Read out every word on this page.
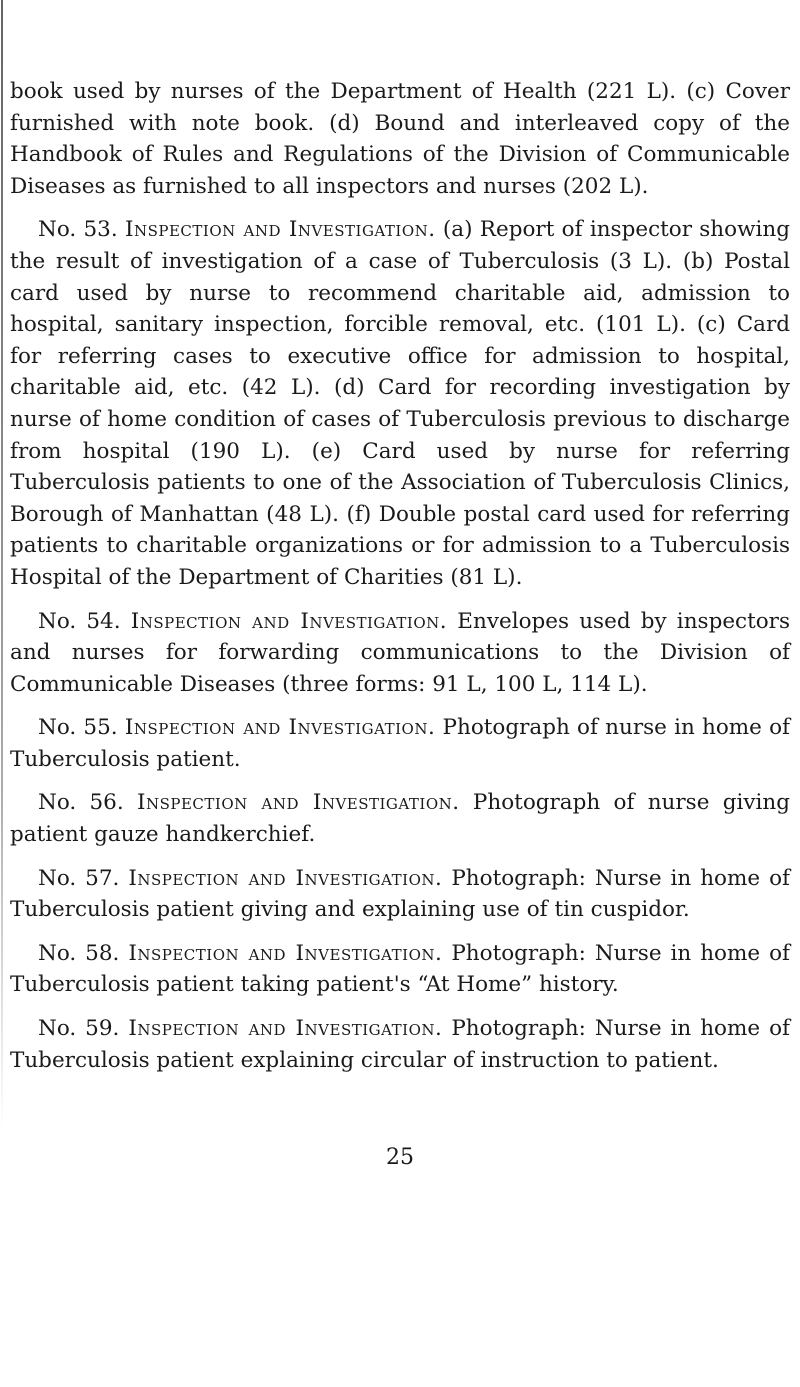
book used by nurses of the Department of Health (221 L). (c) Cover furnished with note book. (d) Bound and interleaved copy of the Handbook of Rules and Regulations of the Division of Communicable Diseases as furnished to all inspectors and nurses (202 L).

No. 53. Inspection and Investigation. (a) Report of inspector showing the result of investigation of a case of Tuberculosis (3 L). (b) Postal card used by nurse to recommend charitable aid, admission to hospital, sanitary inspection, forcible removal, etc. (101 L). (c) Card for referring cases to executive office for admission to hospital, charitable aid, etc. (42 L). (d) Card for recording investigation by nurse of home condition of cases of Tuberculosis previous to discharge from hospital (190 L). (e) Card used by nurse for referring Tuberculosis patients to one of the Association of Tuberculosis Clinics, Borough of Manhattan (48 L). (f) Double postal card used for referring patients to charitable organizations or for admission to a Tuberculosis Hospital of the Department of Charities (81 L).

No. 54. Inspection and Investigation. Envelopes used by inspectors and nurses for forwarding communications to the Division of Communicable Diseases (three forms: 91 L, 100 L, 114 L).

No. 55. Inspection and Investigation. Photograph of nurse in home of Tuberculosis patient.

No. 56. Inspection and Investigation. Photograph of nurse giving patient gauze handkerchief.

No. 57. Inspection and Investigation. Photograph: Nurse in home of Tuberculosis patient giving and explaining use of tin cuspidor.

No. 58. Inspection and Investigation. Photograph: Nurse in home of Tuberculosis patient taking patient's “At Home” history.

No. 59. Inspection and Investigation. Photograph: Nurse in home of Tuberculosis patient explaining circular of instruction to patient.

25
